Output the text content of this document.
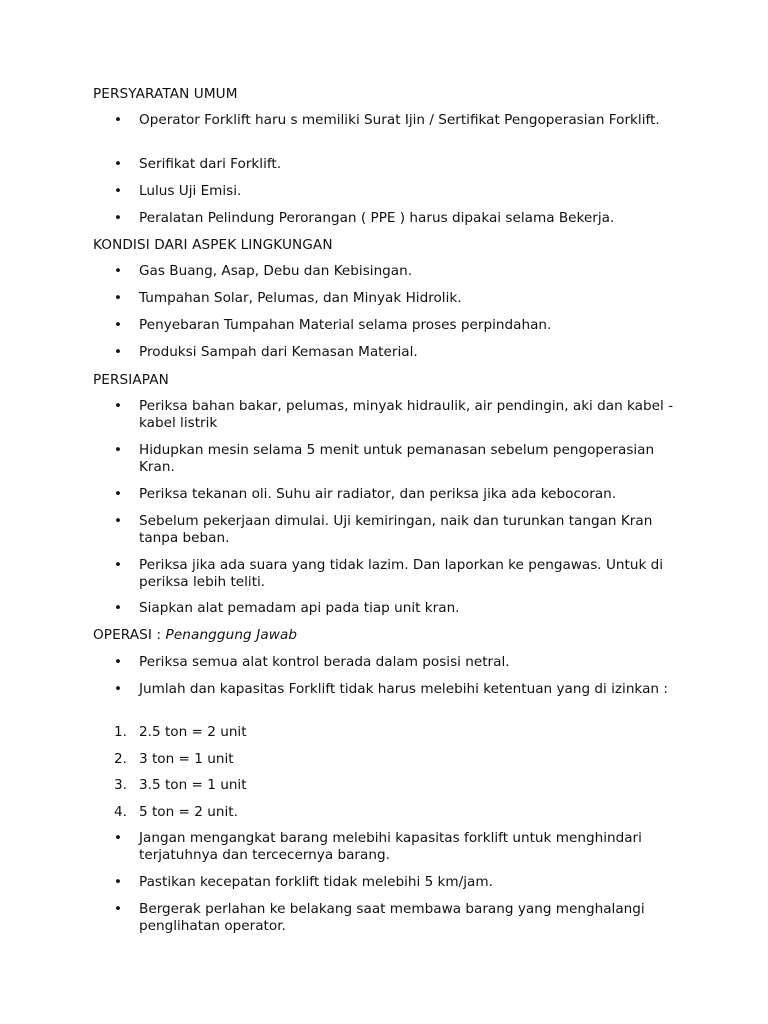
PERSYARATAN UMUM
•	Operator Forklift haru s memiliki Surat Ijin / Sertifikat Pengoperasian Forklift.
•	Serifikat dari Forklift.
•	Lulus Uji Emisi.
•	Peralatan Pelindung Perorangan ( PPE ) harus dipakai selama Bekerja.
KONDISI DARI ASPEK LINGKUNGAN
•	Gas Buang, Asap, Debu dan Kebisingan.
•	Tumpahan Solar, Pelumas, dan Minyak Hidrolik.
•	Penyebaran Tumpahan Material selama proses perpindahan.
•	Produksi Sampah dari Kemasan Material.
PERSIAPAN
•	Periksa bahan bakar, pelumas, minyak hidraulik, air pendingin, aki dan kabel - kabel listrik
•	Hidupkan mesin selama 5 menit untuk pemanasan sebelum pengoperasian Kran.
•	Periksa tekanan oli. Suhu air radiator, dan periksa jika ada kebocoran.
•	Sebelum pekerjaan dimulai. Uji kemiringan, naik dan turunkan tangan Kran tanpa beban.
•	Periksa jika ada suara yang tidak lazim. Dan laporkan ke pengawas. Untuk di periksa lebih teliti.
•	Siapkan alat pemadam api pada tiap unit kran.
OPERASI : Penanggung Jawab
•	Periksa semua alat kontrol berada dalam posisi netral.
•	Jumlah dan kapasitas Forklift tidak harus melebihi ketentuan yang di izinkan :
1. 2.5 ton = 2 unit
2. 3 ton = 1 unit
3. 3.5 ton = 1 unit
4. 5 ton = 2 unit.
•	Jangan mengangkat barang melebihi kapasitas forklift untuk menghindari terjatuhnya dan tercecernya barang.
•	Pastikan kecepatan forklift tidak melebihi 5 km/jam.
•	Bergerak perlahan ke belakang saat membawa barang yang menghalangi penglihatan operator.
